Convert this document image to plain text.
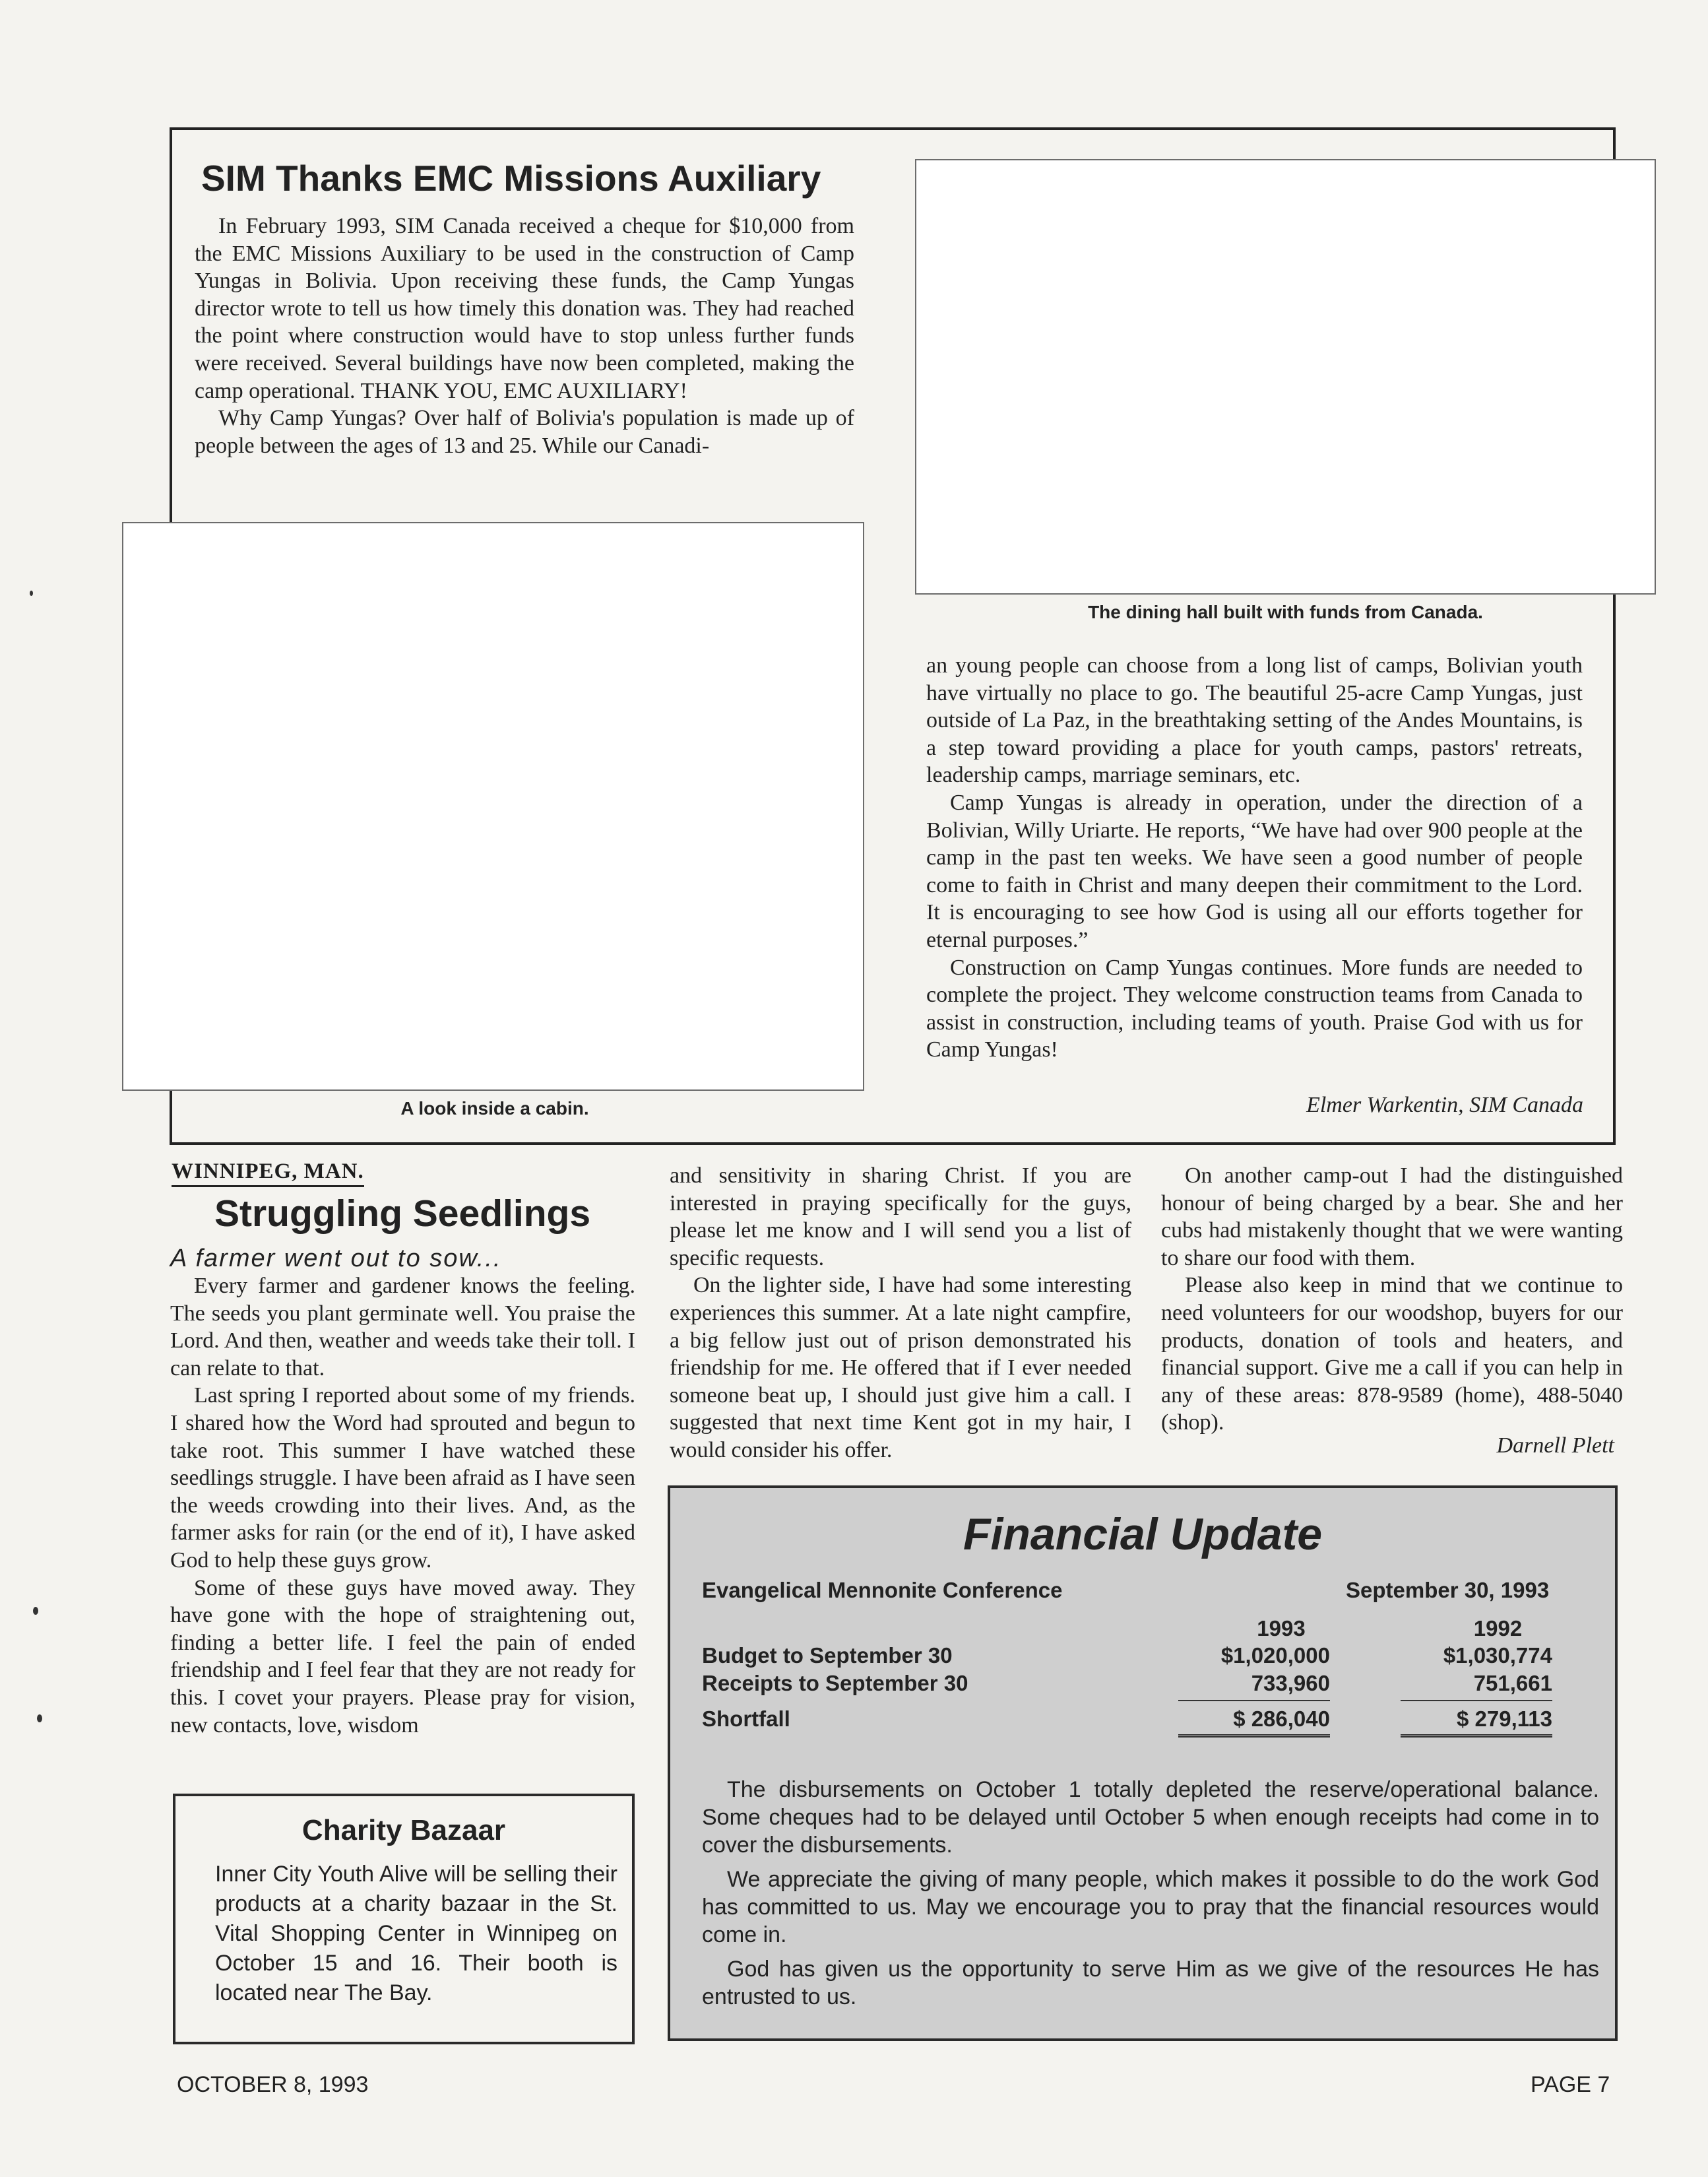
SIM Thanks EMC Missions Auxiliary

In February 1993, SIM Canada received a cheque for $10,000 from the EMC Missions Auxiliary to be used in the construction of Camp Yungas in Bolivia. Upon receiving these funds, the Camp Yungas director wrote to tell us how timely this donation was. They had reached the point where construction would have to stop unless further funds were received. Several buildings have now been completed, making the camp operational. THANK YOU, EMC AUXILIARY!

Why Camp Yungas? Over half of Bolivia's population is made up of people between the ages of 13 and 25. While our Canadi-

The dining hall built with funds from Canada.
A look inside a cabin.

an young people can choose from a long list of camps, Bolivian youth have virtually no place to go. The beautiful 25-acre Camp Yungas, just outside of La Paz, in the breathtaking setting of the Andes Mountains, is a step toward providing a place for youth camps, pastors' retreats, leadership camps, marriage seminars, etc.

Camp Yungas is already in operation, under the direction of a Bolivian, Willy Uriarte. He reports, “We have had over 900 people at the camp in the past ten weeks. We have seen a good number of people come to faith in Christ and many deepen their commitment to the Lord. It is encouraging to see how God is using all our efforts together for eternal purposes.”

Construction on Camp Yungas continues. More funds are needed to complete the project. They welcome construction teams from Canada to assist in construction, including teams of youth. Praise God with us for Camp Yungas!

Elmer Warkentin, SIM Canada
WINNIPEG, MAN.
Struggling Seedlings
A farmer went out to sow...

Every farmer and gardener knows the feeling. The seeds you plant germinate well. You praise the Lord. And then, weather and weeds take their toll. I can relate to that.

Last spring I reported about some of my friends. I shared how the Word had sprouted and begun to take root. This summer I have watched these seedlings struggle. I have been afraid as I have seen the weeds crowding into their lives. And, as the farmer asks for rain (or the end of it), I have asked God to help these guys grow.

Some of these guys have moved away. They have gone with the hope of straightening out, finding a better life. I feel the pain of ended friendship and I feel fear that they are not ready for this. I covet your prayers. Please pray for vision, new contacts, love, wisdom

and sensitivity in sharing Christ. If you are interested in praying specifically for the guys, please let me know and I will send you a list of specific requests.

On the lighter side, I have had some interesting experiences this summer. At a late night campfire, a big fellow just out of prison demonstrated his friendship for me. He offered that if I ever needed someone beat up, I should just give him a call. I suggested that next time Kent got in my hair, I would consider his offer.

On another camp-out I had the distinguished honour of being charged by a bear. She and her cubs had mistakenly thought that we were wanting to share our food with them.

Please also keep in mind that we continue to need volunteers for our woodshop, buyers for our products, donation of tools and heaters, and financial support. Give me a call if you can help in any of these areas: 878-9589 (home), 488-5040 (shop).

Darnell Plett
Charity Bazaar
Inner City Youth Alive will be selling their products at a charity bazaar in the St. Vital Shopping Center in Winnipeg on October 15 and 16. Their booth is located near The Bay.
Financial Update
Evangelical Mennonite Conference	September 30, 1993
1993	1992
Budget to September 30	$1,020,000	$1,030,774
Receipts to September 30	733,960	751,661
Shortfall	$ 286,040	$ 279,113

The disbursements on October 1 totally depleted the reserve/operational balance. Some cheques had to be delayed until October 5 when enough receipts had come in to cover the disbursements.

We appreciate the giving of many people, which makes it possible to do the work God has committed to us. May we encourage you to pray that the financial resources would come in.

God has given us the opportunity to serve Him as we give of the resources He has entrusted to us.

OCTOBER 8, 1993	PAGE 7
